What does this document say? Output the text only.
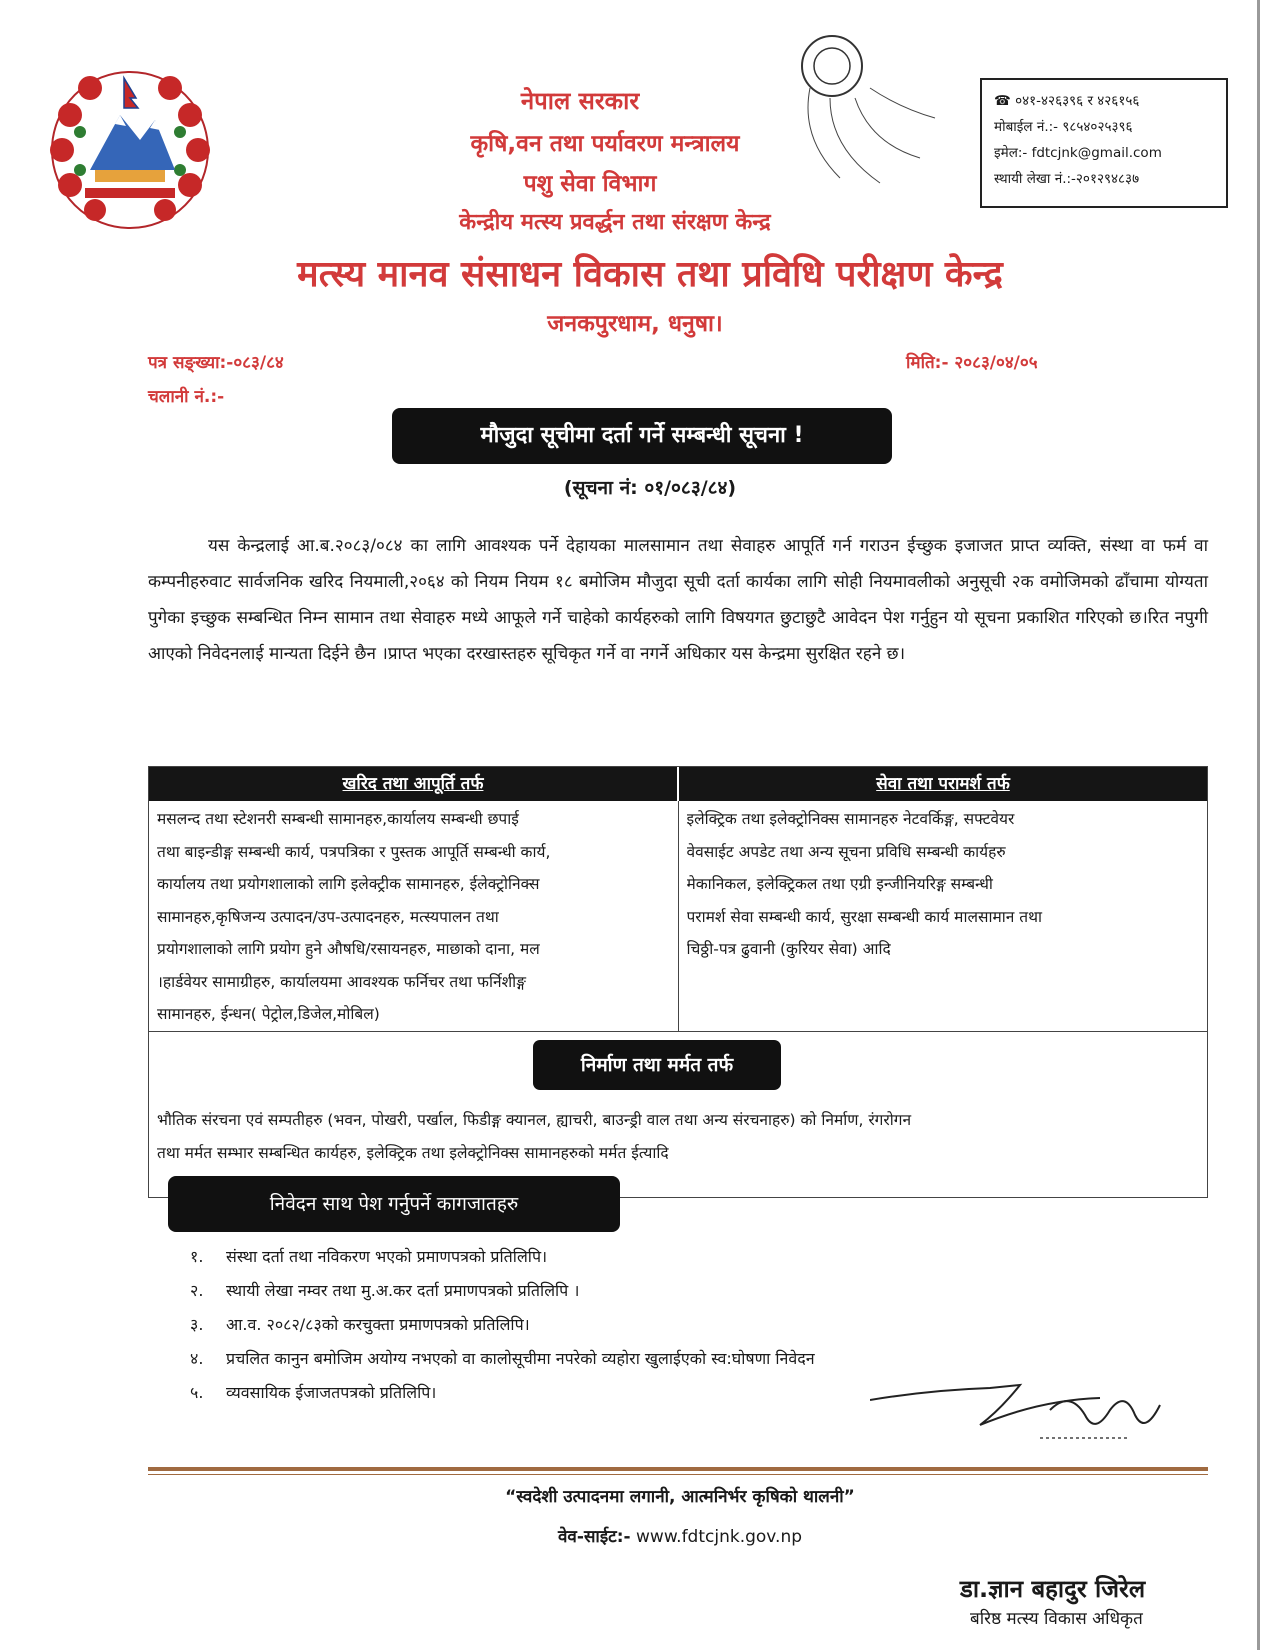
नेपाल सरकार
कृषि,वन तथा पर्यावरण मन्त्रालय
पशु सेवा विभाग
केन्द्रीय मत्स्य प्रवर्द्धन तथा संरक्षण केन्द्र
मत्स्य मानव संसाधन विकास तथा प्रविधि परीक्षण केन्द्र
जनकपुरधाम, धनुषा।
☎ ०४१-४२६३९६ र ४२६१५६
मोबाईल नं.:- ९८५४०२५३९६
इमेल:- fdtcjnk@gmail.com
स्थायी लेखा नं.:-२०१२९४८३७
पत्र सङ्ख्या:-०८३/८४	मिति:- २०८३/०४/०५
चलानी नं.:-
मौजुदा सूचीमा दर्ता गर्ने सम्बन्धी सूचना !
(सूचना नं: ०१/०८३/८४)
यस केन्द्रलाई आ.ब.२०८३/०८४ का लागि आवश्यक पर्ने देहायका मालसामान तथा सेवाहरु आपूर्ति गर्न गराउन ईच्छुक इजाजत प्राप्त व्यक्ति, संस्था वा फर्म वा कम्पनीहरुवाट सार्वजनिक खरिद नियमाली,२०६४ को नियम नियम १८ बमोजिम मौजुदा सूची दर्ता कार्यका लागि सोही नियमावलीको अनुसूची २क वमोजिमको ढाँचामा योग्यता पुगेका इच्छुक सम्बन्धित निम्न सामान तथा सेवाहरु मध्ये आफूले गर्ने चाहेको कार्यहरुको लागि विषयगत छुटाछुटै आवेदन पेश गर्नुहुन यो सूचना प्रकाशित गरिएको छ।रित नपुगी आएको निवेदनलाई मान्यता दिईने छैन ।प्राप्त भएका दरखास्तहरु सूचिकृत गर्ने वा नगर्ने अधिकार यस केन्द्रमा सुरक्षित रहने छ।
खरिद तथा आपूर्ति तर्फ	सेवा तथा परामर्श तर्फ
मसलन्द तथा स्टेशनरी सम्बन्धी सामानहरु,कार्यालय सम्बन्धी छपाई
तथा बाइन्डीङ्ग सम्बन्धी कार्य, पत्रपत्रिका र पुस्तक आपूर्ति सम्बन्धी कार्य,
कार्यालय तथा प्रयोगशालाको लागि इलेक्ट्रीक सामानहरु, ईलेक्ट्रोनिक्स
सामानहरु,कृषिजन्य उत्पादन/उप-उत्पादनहरु, मत्स्यपालन तथा
प्रयोगशालाको लागि प्रयोग हुने औषधि/रसायनहरु, माछाको दाना, मल
।हार्डवेयर सामाग्रीहरु, कार्यालयमा आवश्यक फर्निचर तथा फर्निशीङ्ग
सामानहरु, ईन्धन( पेट्रोल,डिजेल,मोबिल)
इलेक्ट्रिक तथा इलेक्ट्रोनिक्स सामानहरु नेटवर्किङ्ग, सफ्टवेयर
वेवसाईट अपडेट तथा अन्य सूचना प्रविधि सम्बन्धी कार्यहरु
मेकानिकल, इलेक्ट्रिकल तथा एग्री इन्जीनियरिङ्ग सम्बन्धी
परामर्श सेवा सम्बन्धी कार्य, सुरक्षा सम्बन्धी कार्य मालसामान तथा
चिठ्ठी-पत्र ढुवानी (कुरियर सेवा) आदि
निर्माण तथा मर्मत तर्फ
भौतिक संरचना एवं सम्पतीहरु (भवन, पोखरी, पर्खाल, फिडीङ्ग क्यानल, ह्याचरी, बाउन्ड्री वाल तथा अन्य संरचनाहरु) को निर्माण, रंगरोगन
तथा मर्मत सम्भार सम्बन्धित कार्यहरु, इलेक्ट्रिक तथा इलेक्ट्रोनिक्स सामानहरुको मर्मत ईत्यादि
निवेदन साथ पेश गर्नुपर्ने कागजातहरु
१. संस्था दर्ता तथा नविकरण भएको प्रमाणपत्रको प्रतिलिपि।
२. स्थायी लेखा नम्वर तथा मु.अ.कर दर्ता प्रमाणपत्रको प्रतिलिपि ।
३. आ.व. २०८२/८३को करचुक्ता प्रमाणपत्रको प्रतिलिपि।
४. प्रचलित कानुन बमोजिम अयोग्य नभएको वा कालोसूचीमा नपरेको व्यहोरा खुलाईएको स्व:घोषणा निवेदन
५. व्यवसायिक ईजाजतपत्रको प्रतिलिपि।
“स्वदेशी उत्पादनमा लगानी, आत्मनिर्भर कृषिको थालनी”
वेव-साईट:- www.fdtcjnk.gov.np
डा.ज्ञान बहादुर जिरेल
बरिष्ठ मत्स्य विकास अधिकृत
